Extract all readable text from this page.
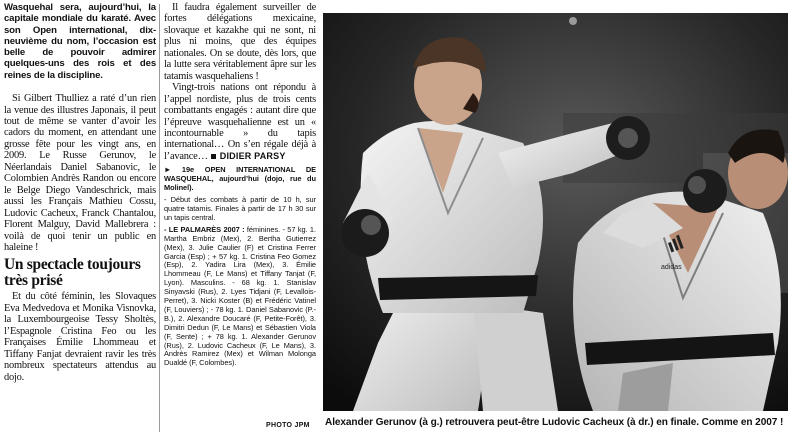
Wasquehal sera, aujourd’hui, la capitale mondiale du karaté. Avec son Open international, dix-neuvième du nom, l’occasion est belle de pouvoir admirer quelques-uns des rois et des reines de la discipline.

Si Gilbert Thulliez a raté d’un rien la venue des illustres Japonais, il peut tout de même se vanter d’avoir les cadors du moment, en attendant une grosse fête pour les vingt ans, en 2009. Le Russe Gerunov, le Néerlandais Daniel Sabanovic, le Colombien Andrès Randon ou encore le Belge Diego Vandeschrick, mais aussi les Français Mathieu Cossu, Ludovic Cacheux, Franck Chantalou, Florent Malguy, David Mallebrera : voilà de quoi tenir un public en haleine !

Un spectacle toujours très prisé

Et du côté féminin, les Slovaques Eva Medvedova et Monika Visnovka, la Luxembourgeoise Tessy Sholtès, l’Espagnole Cristina Feo ou les Françaises Émilie Lhommeau et Tiffany Fanjat devraient ravir les très nombreux spectateurs attendus au dojo.

Il faudra également surveiller de fortes délégations mexicaine, slovaque et kazakhe qui ne sont, ni plus ni moins, que des équipes nationales. On se doute, dès lors, que la lutte sera véritablement âpre sur les tatamis wasquehaliens !

Vingt-trois nations ont répondu à l’appel nordiste, plus de trois cents combattants engagés : autant dire que l’épreuve wasquehalienne est un « incontournable » du tapis international… On s’en régale déjà à l’avance… DIDIER PARSY

► 19e OPEN INTERNATIONAL DE WASQUEHAL, aujourd’hui (dojo, rue du Molinel).

- Début des combats à partir de 10 h, sur quatre tatamis. Finales à partir de 17 h 30 sur un tapis central.

- LE PALMARÈS 2007 : féminines. - 57 kg. 1. Martha Embriz (Mex), 2. Bertha Gutierrez (Mex), 3. Julie Caulier (F) et Cristina Ferrer Garcia (Esp) ; + 57 kg. 1. Cristina Feo Gomez (Esp), 2. Yadira Lira (Mex), 3. Émilie Lhommeau (F, Le Mans) et Tiffany Tanjat (F, Lyon). Masculins. - 68 kg. 1. Stanislav Sinyavski (Rus), 2. Lyes Tidjani (F, Levallois-Perret), 3. Nicki Koster (B) et Frédéric Vatinel (F, Louviers) ; - 78 kg. 1. Daniel Sabanovic (P.-B.), 2. Alexandre Doucaré (F, Petite-Forêt), 3. Dimitri Dedun (F, Le Mans) et Sébastien Viola (F, Sente) ; + 78 kg. 1. Alexander Gerunov (Rus), 2. Ludovic Cacheux (F, Le Mans), 3. Andrès Ramirez (Mex) et Wilman Molonga Dualdé (F, Colombes).

PHOTO JPM
adidas
Alexander Gerunov (à g.) retrouvera peut-être Ludovic Cacheux (à dr.) en finale. Comme en 2007 !
